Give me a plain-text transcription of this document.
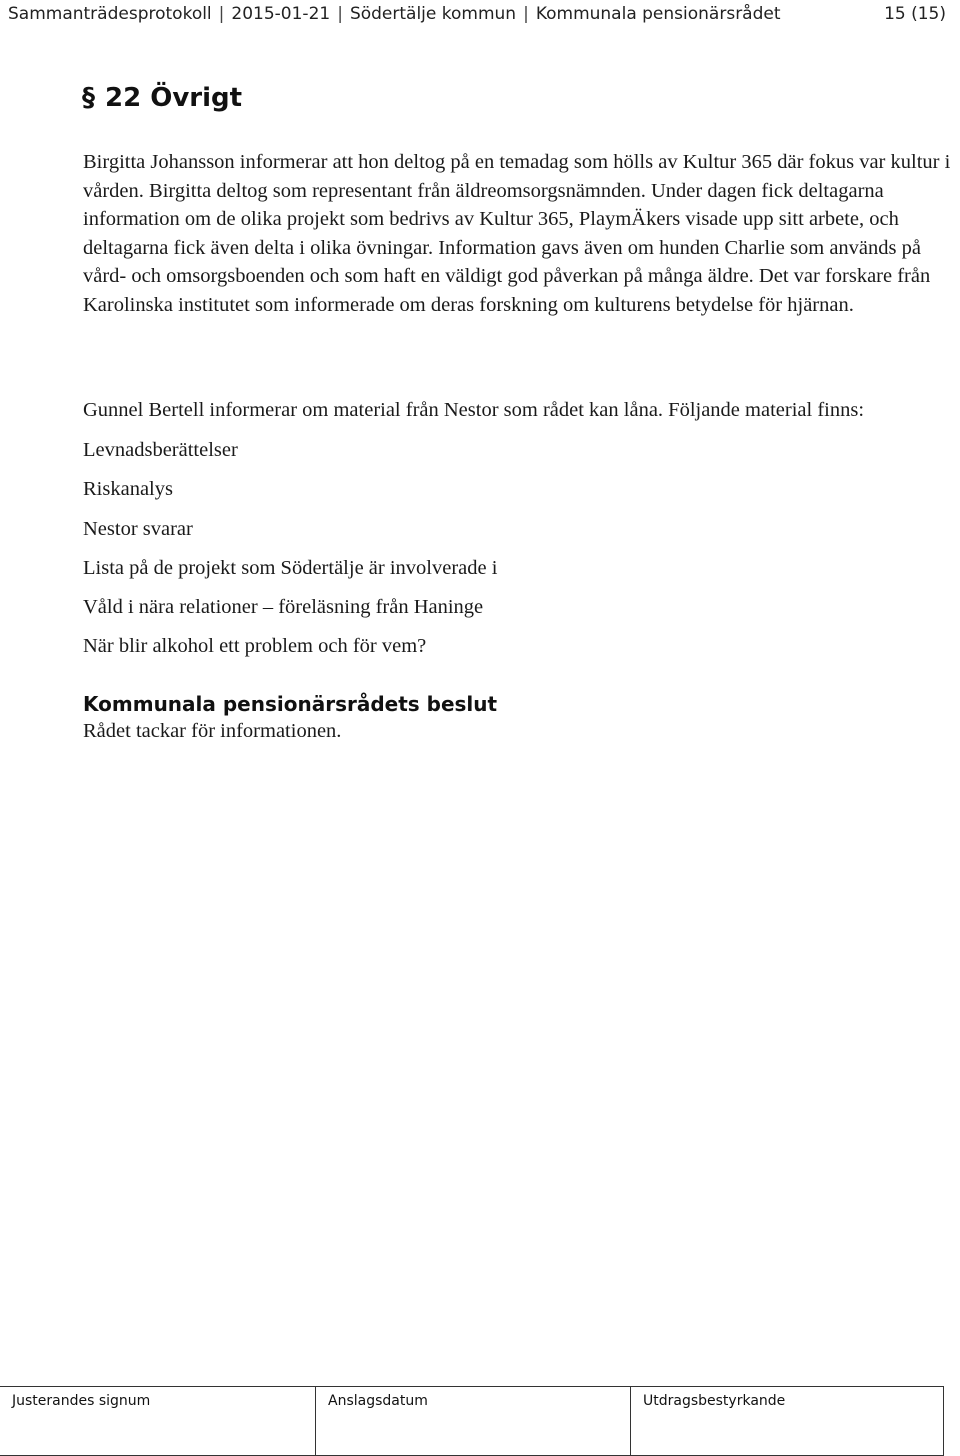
Sammanträdesprotokoll | 2015-01-21 | Södertälje kommun | Kommunala pensionärsrådet	15 (15)
§ 22 Övrigt
Birgitta Johansson informerar att hon deltog på en temadag som hölls av Kultur 365 där fokus var kultur i vården. Birgitta deltog som representant från äldreomsorgsnämnden. Under dagen fick deltagarna information om de olika projekt som bedrivs av Kultur 365, PlaymÄkers visade upp sitt arbete, och deltagarna fick även delta i olika övningar. Information gavs även om hunden Charlie som används på vård- och omsorgsboenden och som haft en väldigt god påverkan på många äldre. Det var forskare från Karolinska institutet som informerade om deras forskning om kulturens betydelse för hjärnan.
Gunnel Bertell informerar om material från Nestor som rådet kan låna. Följande material finns:
Levnadsberättelser
Riskanalys
Nestor svarar
Lista på de projekt som Södertälje är involverade i
Våld i nära relationer – föreläsning från Haninge
När blir alkohol ett problem och för vem?
Kommunala pensionärsrådets beslut
Rådet tackar för informationen.
Justerandes signum	Anslagsdatum	Utdragsbestyrkande
